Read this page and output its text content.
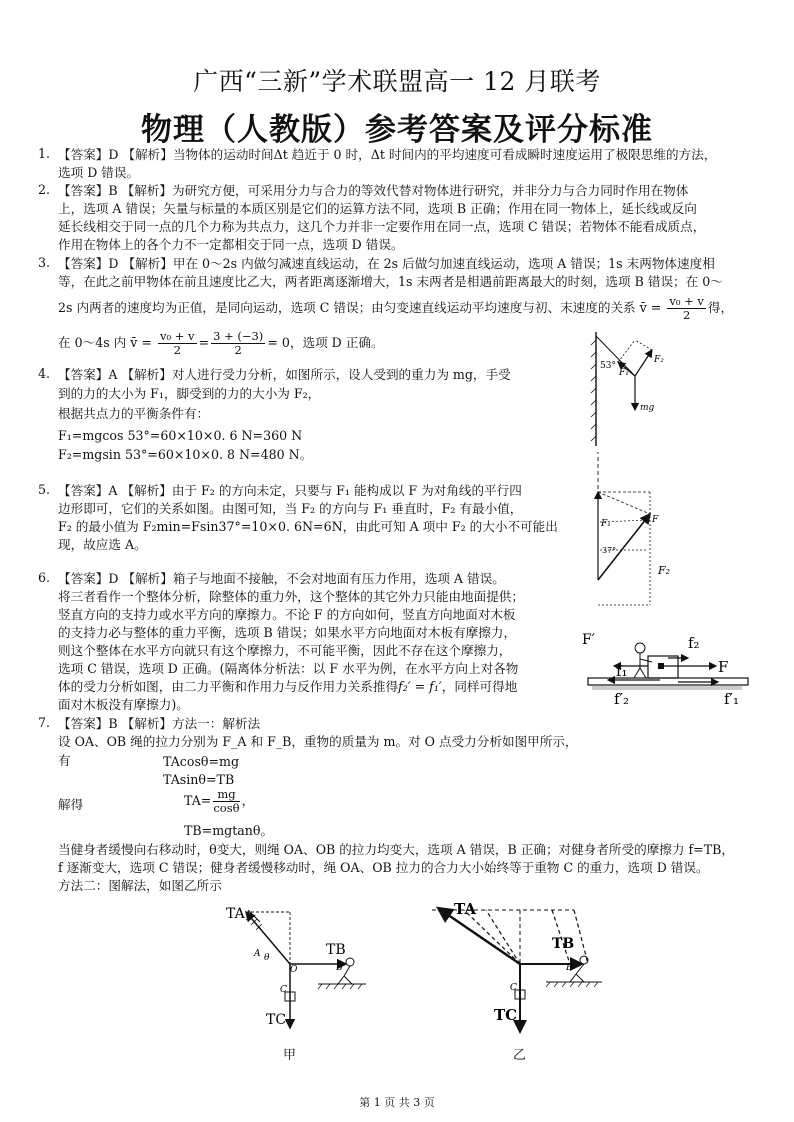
广西“三新”学术联盟高一 12 月联考
物理（人教版）参考答案及评分标准
1. 【答案】D 【解析】当物体的运动时间Δt 趋近于 0 时，Δt 时间内的平均速度可看成瞬时速度运用了极限思维的方法，
选项 D 错误。
2. 【答案】B 【解析】为研究方便，可采用分力与合力的等效代替对物体进行研究，并非分力与合力同时作用在物体
上，选项 A 错误；矢量与标量的本质区别是它们的运算方法不同，选项 B 正确；作用在同一物体上，延长线或反向
延长线相交于同一点的几个力称为共点力，这几个力并非一定要作用在同一点，选项 C 错误；若物体不能看成质点，
作用在物体上的各个力不一定都相交于同一点，选项 D 错误。
3. 【答案】D 【解析】甲在 0～2s 内做匀减速直线运动，在 2s 后做匀加速直线运动，选项 A 错误；1s 末两物体速度相
等，在此之前甲物体在前且速度比乙大，两者距离逐渐增大，1s 末两者是相遇前距离最大的时刻，选项 B 错误；在 0～
2s 内两者的速度均为正值，是同向运动，选项 C 错误；由匀变速直线运动平均速度与初、末速度的关系 v̄ = $\frac{\text{v₀ + v}}{2}$ 得，
在 0～4s 内 v̄ = $\frac{\text{v₀ + v}}{2} = \frac{3 + (-3)}{2} = 0$，选项 D 正确。
4. 【答案】A 【解析】对人进行受力分析，如图所示，设人受到的重力为 mg，手受
到的力的大小为 F₁，脚受到的力的大小为 F₂，
根据共点力的平衡条件有：
F₁=mgcos 53°=60×10×0. 6 N=360 N
F₂=mgsin 53°=60×10×0. 8 N=480 N。
53°
F₁
F₂
mg
5. 【答案】A 【解析】由于 F₂ 的方向未定，只要与 F₁ 能构成以 F 为对角线的平行四
边形即可，它们的关系如图。由图可知，当 F₂ 的方向与 F₁ 垂直时，F₂ 有最小值，
F₂ 的最小值为 F₂min=Fsin37°=10×0. 6N=6N，由此可知 A 项中 F₂ 的大小不可能出
现，故应选 A。
F₁	F
37°
F₂
6. 【答案】D 【解析】箱子与地面不接触，不会对地面有压力作用，选项 A 错误。
将三者看作一个整体分析，除整体的重力外，这个整体的其它外力只能由地面提供；
竖直方向的支持力或水平方向的摩擦力。不论 F 的方向如何，竖直方向地面对木板
的支持力必与整体的重力平衡，选项 B 错误；如果水平方向地面对木板有摩擦力，
则这个整体在水平方向就只有这个摩擦力，不可能平衡，因此不存在这个摩擦力，
选项 C 错误，选项 D 正确。(隔离体分析法：以 F 水平为例，在水平方向上对各物
体的受力分析如图，由二力平衡和作用力与反作用力关系推得f₂′ = f₁′，同样可得地
面对木板没有摩擦力)。
F′	f₂
f₁	F
f′₂	f′₁
7. 【答案】B 【解析】方法一：解析法
设 OA、OB 绳的拉力分别为 F_A 和 F_B，重物的质量为 m。对 O 点受力分析如图甲所示，
有	TAcosθ=mg
TAsinθ=TB
解得	$TA= \frac{mg}{\cos\theta}$ ，
TB=mgtanθ。
当健身者缓慢向右移动时，θ变大，则绳 OA、OB 的拉力均变大，选项 A 错误，B 正确；对健身者所受的摩擦力 f=TB，
f 逐渐变大，选项 C 错误；健身者缓慢移动时，绳 OA、OB 拉力的合力大小始终等于重物 C 的重力，选项 D 错误。
方法二：图解法，如图乙所示
TA
A θ
O
TB
B
C
TC
甲
TA
TB
B
C
TC
乙
第 1 页 共 3 页
